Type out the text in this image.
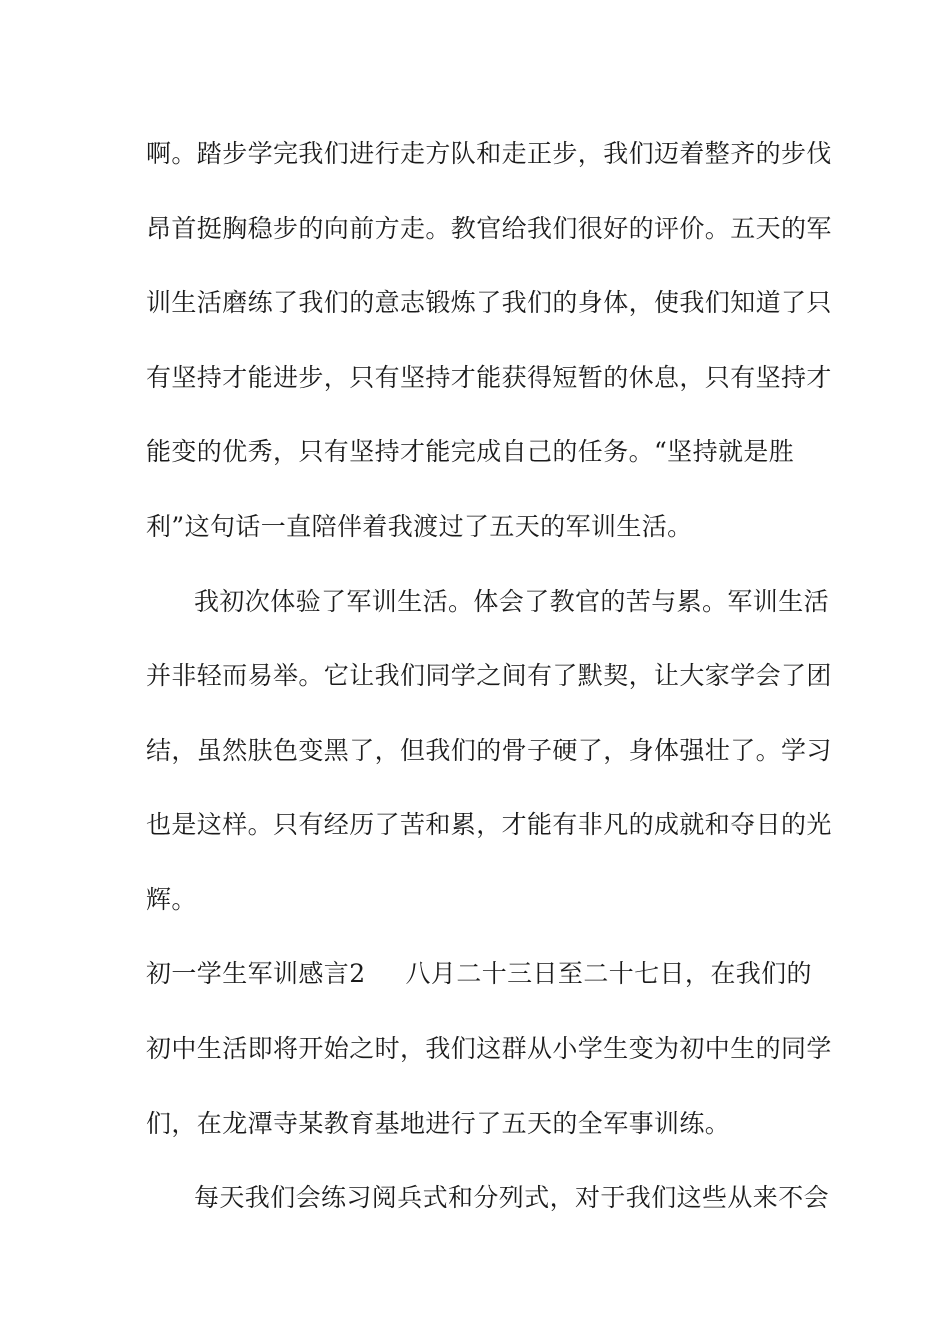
啊。踏步学完我们进行走方队和走正步，我们迈着整齐的步伐
昂首挺胸稳步的向前方走。教官给我们很好的评价。五天的军
训生活磨练了我们的意志锻炼了我们的身体，使我们知道了只
有坚持才能进步，只有坚持才能获得短暂的休息，只有坚持才
能变的优秀，只有坚持才能完成自己的任务。“坚持就是胜
利”这句话一直陪伴着我渡过了五天的军训生活。
我初次体验了军训生活。体会了教官的苦与累。军训生活
并非轻而易举。它让我们同学之间有了默契，让大家学会了团
结，虽然肤色变黑了，但我们的骨子硬了，身体强壮了。学习
也是这样。只有经历了苦和累，才能有非凡的成就和夺日的光
辉。
初一学生军训感言2 八月二十三日至二十七日，在我们的
初中生活即将开始之时，我们这群从小学生变为初中生的同学
们，在龙潭寺某教育基地进行了五天的全军事训练。
每天我们会练习阅兵式和分列式，对于我们这些从来不会
